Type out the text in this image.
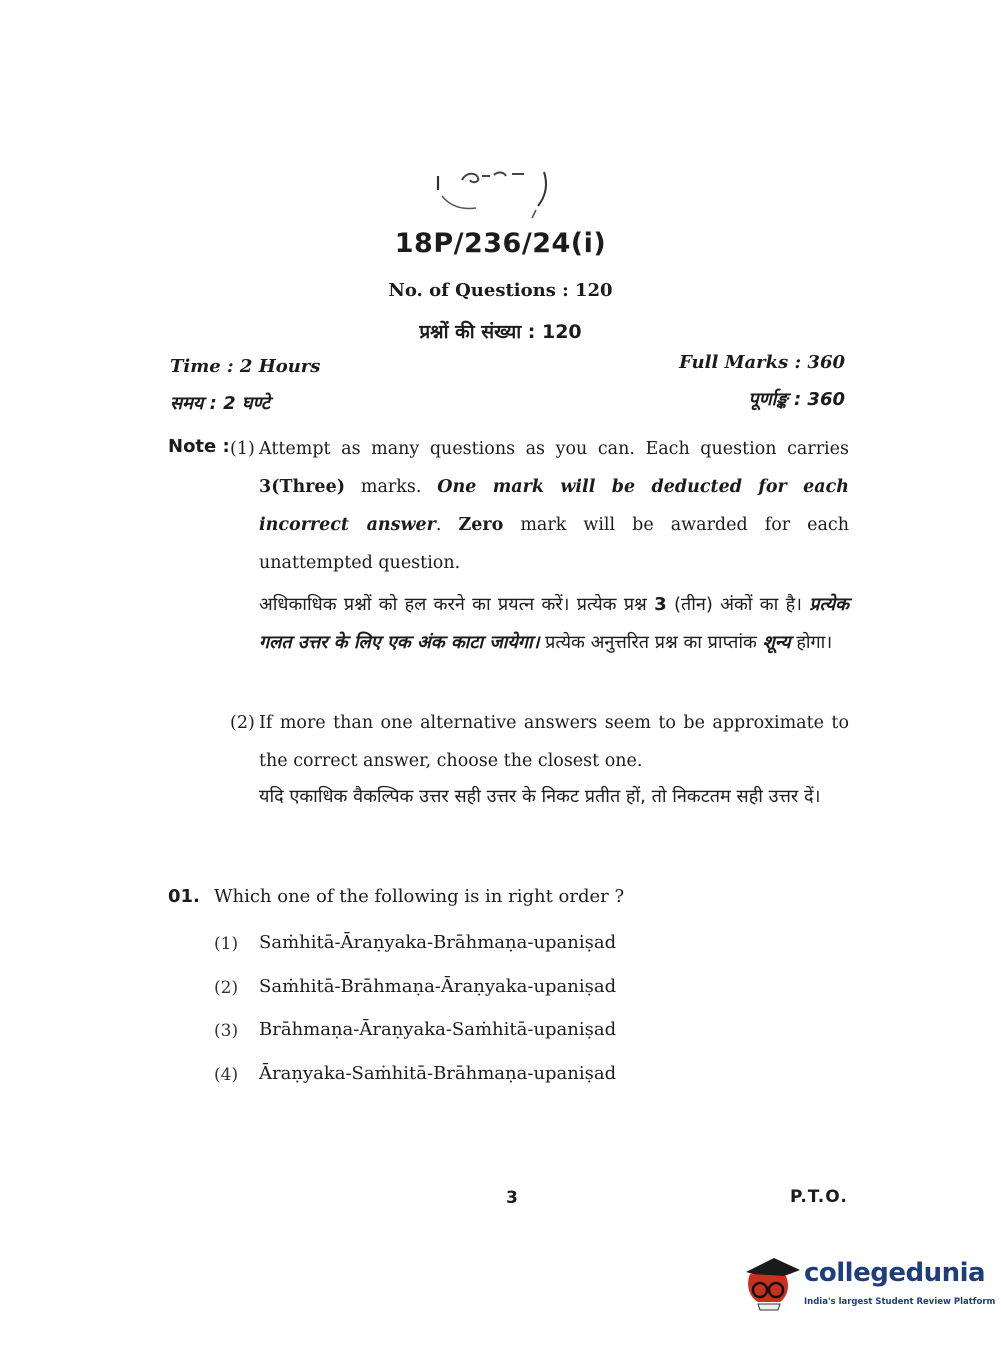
18P/236/24(i)
No. of Questions : 120
प्रश्नों की संख्या : 120
Time : 2 Hours
समय : 2 घण्टे
Full Marks : 360
पूर्णाङ्क : 360
Note : (1) Attempt as many questions as you can. Each question carries 3(Three) marks. One mark will be deducted for each incorrect answer. Zero mark will be awarded for each unattempted question.
अधिकाधिक प्रश्नों को हल करने का प्रयत्न करें। प्रत्येक प्रश्न 3 (तीन) अंकों का है। प्रत्येक गलत उत्तर के लिए एक अंक काटा जायेगा। प्रत्येक अनुत्तरित प्रश्न का प्राप्तांक शून्य होगा।
(2) If more than one alternative answers seem to be approximate to the correct answer, choose the closest one.
यदि एकाधिक वैकल्पिक उत्तर सही उत्तर के निकट प्रतीत हों, तो निकटतम सही उत्तर दें।
01. Which one of the following is in right order ?
(1) Saṁhitā-Āraṇyaka-Brāhmaṇa-upaniṣad
(2) Saṁhitā-Brāhmaṇa-Āraṇyaka-upaniṣad
(3) Brāhmaṇa-Āraṇyaka-Saṁhitā-upaniṣad
(4) Āraṇyaka-Saṁhitā-Brāhmaṇa-upaniṣad
3	P.T.O.
collegedunia
India's largest Student Review Platform
